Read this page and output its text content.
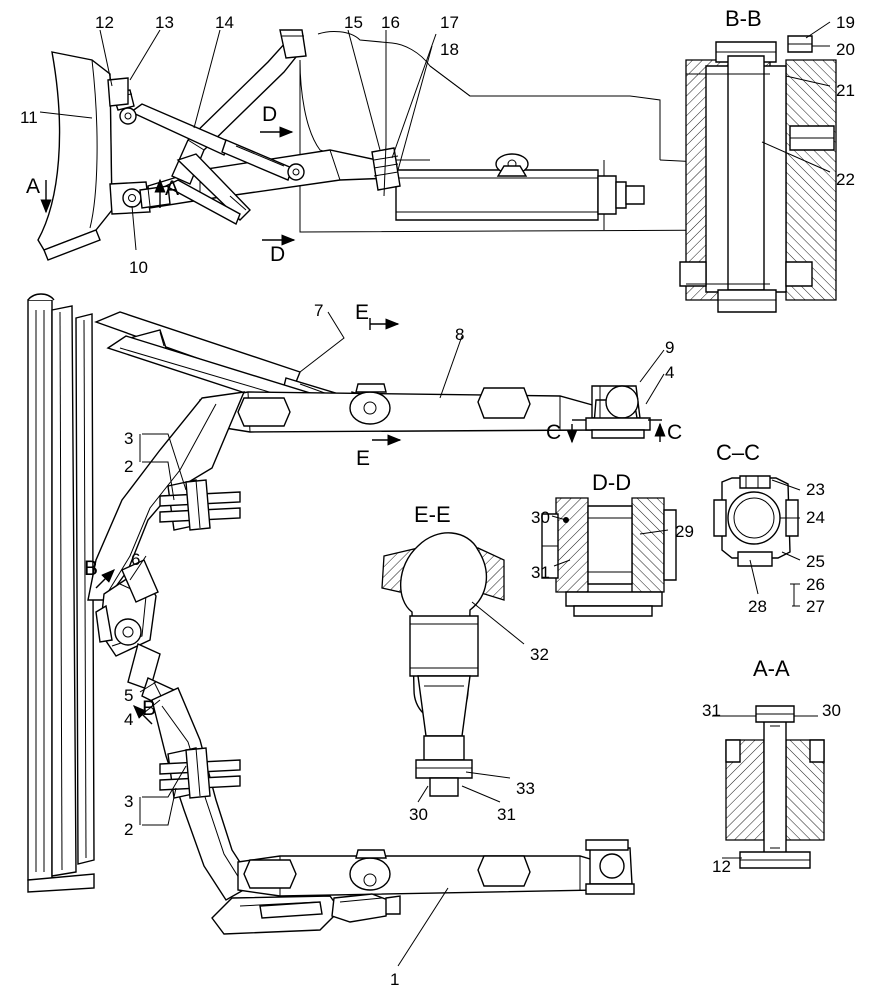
B-B
C–C
D-D
E-E
A-A
A	A
D
D
E
E
C	C
B
B
12 13 14	15 16 17
18
19
20
21
22
11
10
7
8
9
4
3
2
6
5
4
3
2
1
23
24
25
26
27
28
29
30
31
32
33
30	31
31	30
12
